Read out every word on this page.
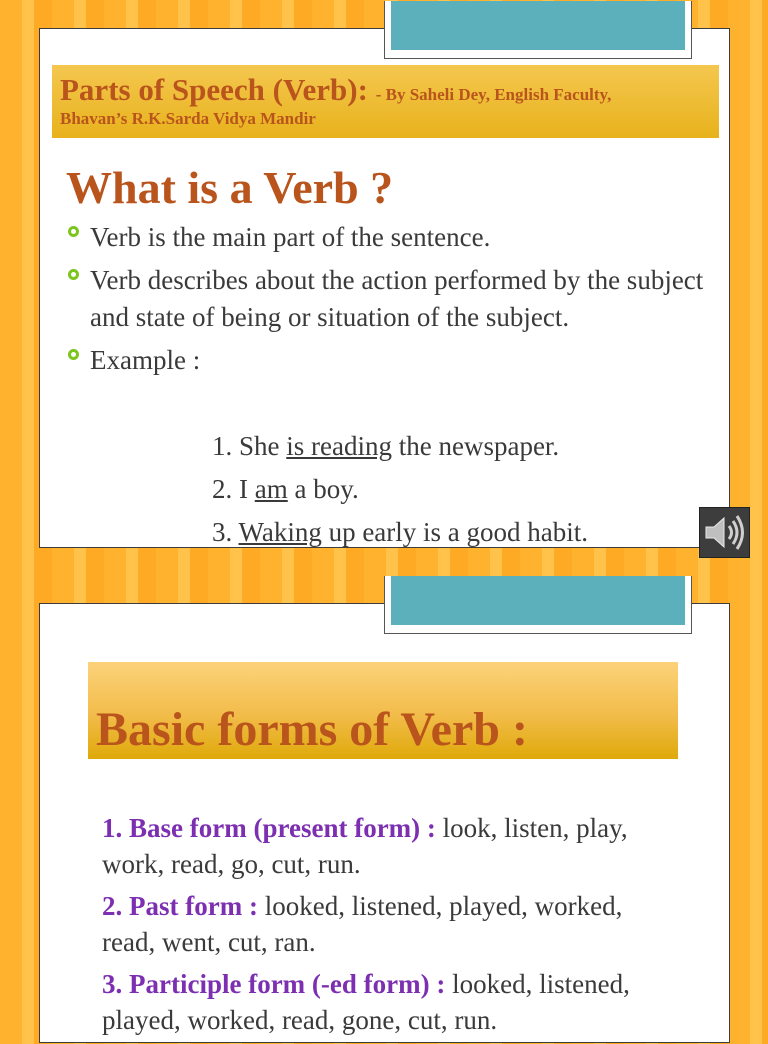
Parts of Speech (Verb): - By Saheli Dey, English Faculty,
Bhavan’s R.K.Sarda Vidya Mandir
What is a Verb ?
Verb is the main part of the sentence.
Verb describes about the action performed by the subject and state of being or situation of the subject.
Example :
1. She is reading the newspaper.
2. I am a boy.
3. Waking up early is a good habit.
Basic forms of Verb :

1. Base form (present form) : look, listen, play, work, read, go, cut, run.

2. Past form : looked, listened, played, worked, read, went, cut, ran.

3. Participle form (-ed form) : looked, listened, played, worked, read, gone, cut, run.
